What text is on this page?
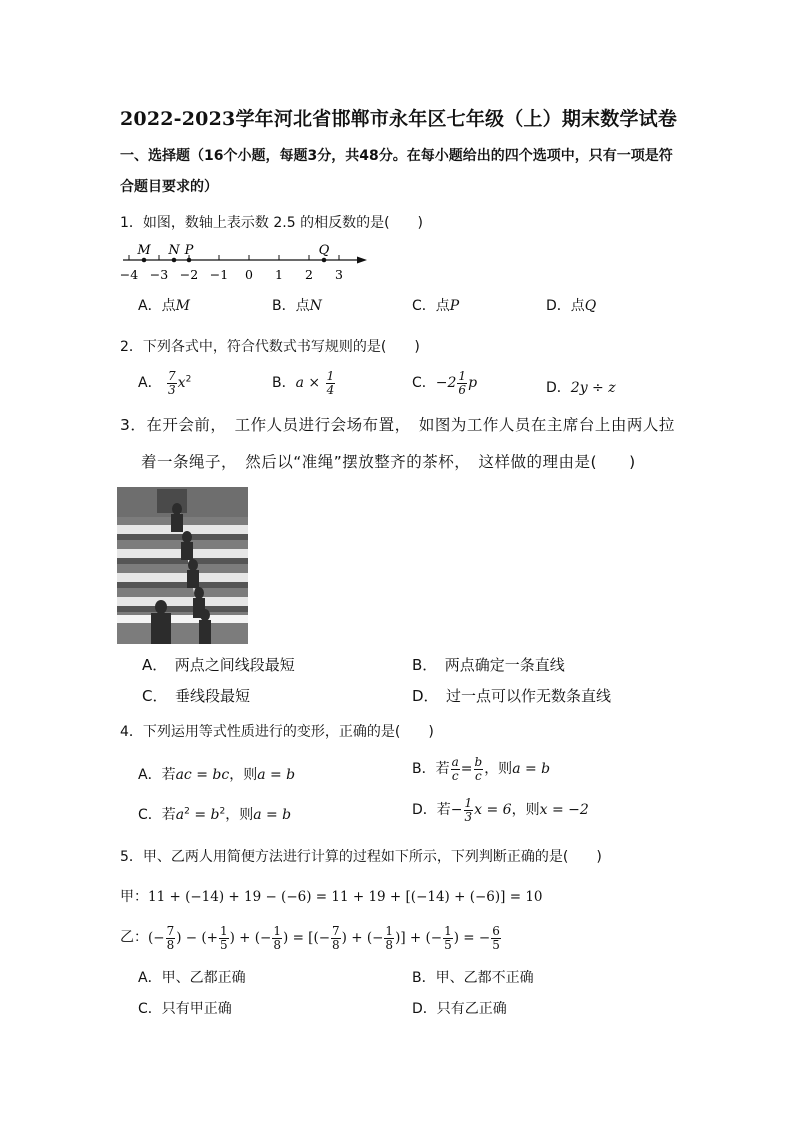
2022-2023学年河北省邯郸市永年区七年级（上）期末数学试卷
一、选择题（16个小题，每题3分，共48分。在每小题给出的四个选项中，只有一项是符
合题目要求的）
1．如图，数轴上表示数 2.5 的相反数的是(　　)
−4 −3 −2 −1 0 1 2 3
M N P	Q
A．点M	B．点N	C．点P	D．点Q
2．下列各式中，符合代数式书写规则的是(　　)
A． $\frac{7}{3} x^2$	B．$a \times \frac{1}{4}$	C．$-2 \frac{1}{6}$ p	D．2y ÷ z
3．在开会前，　工作人员进行会场布置，　如图为工作人员在主席台上由两人拉
着一条绳子，　然后以“准绳”摆放整齐的茶杯，　这样做的理由是(　　)
A．　两点之间线段最短	B．　两点确定一条直线
C．　垂线段最短	D．　过一点可以作无数条直线
4．下列运用等式性质进行的变形，正确的是(　　)
A．若ac = bc，则a = b	B．若 $\frac{a}{c} = \frac{b}{c}$ ，则a = b
C．若$a^2 = b^2$，则a = b	D．若− $\frac{1}{3}$ x = 6，则x = −2
5．甲、乙两人用简便方法进行计算的过程如下所示，下列判断正确的是(　　)
甲：11 + (−14) + 19 − (−6) = 11 + 19 + [(−14) + (−6)] = 10
乙：(− $\frac{7}{8}$ ) − (+ $\frac{1}{5}$ ) + (− $\frac{1}{8}$ ) = [(− $\frac{7}{8}$ ) + (− $\frac{1}{8}$ )] + (− $\frac{1}{5}$ ) = − $\frac{6}{5}$
A．甲、乙都正确	B．甲、乙都不正确
C．只有甲正确	D．只有乙正确
